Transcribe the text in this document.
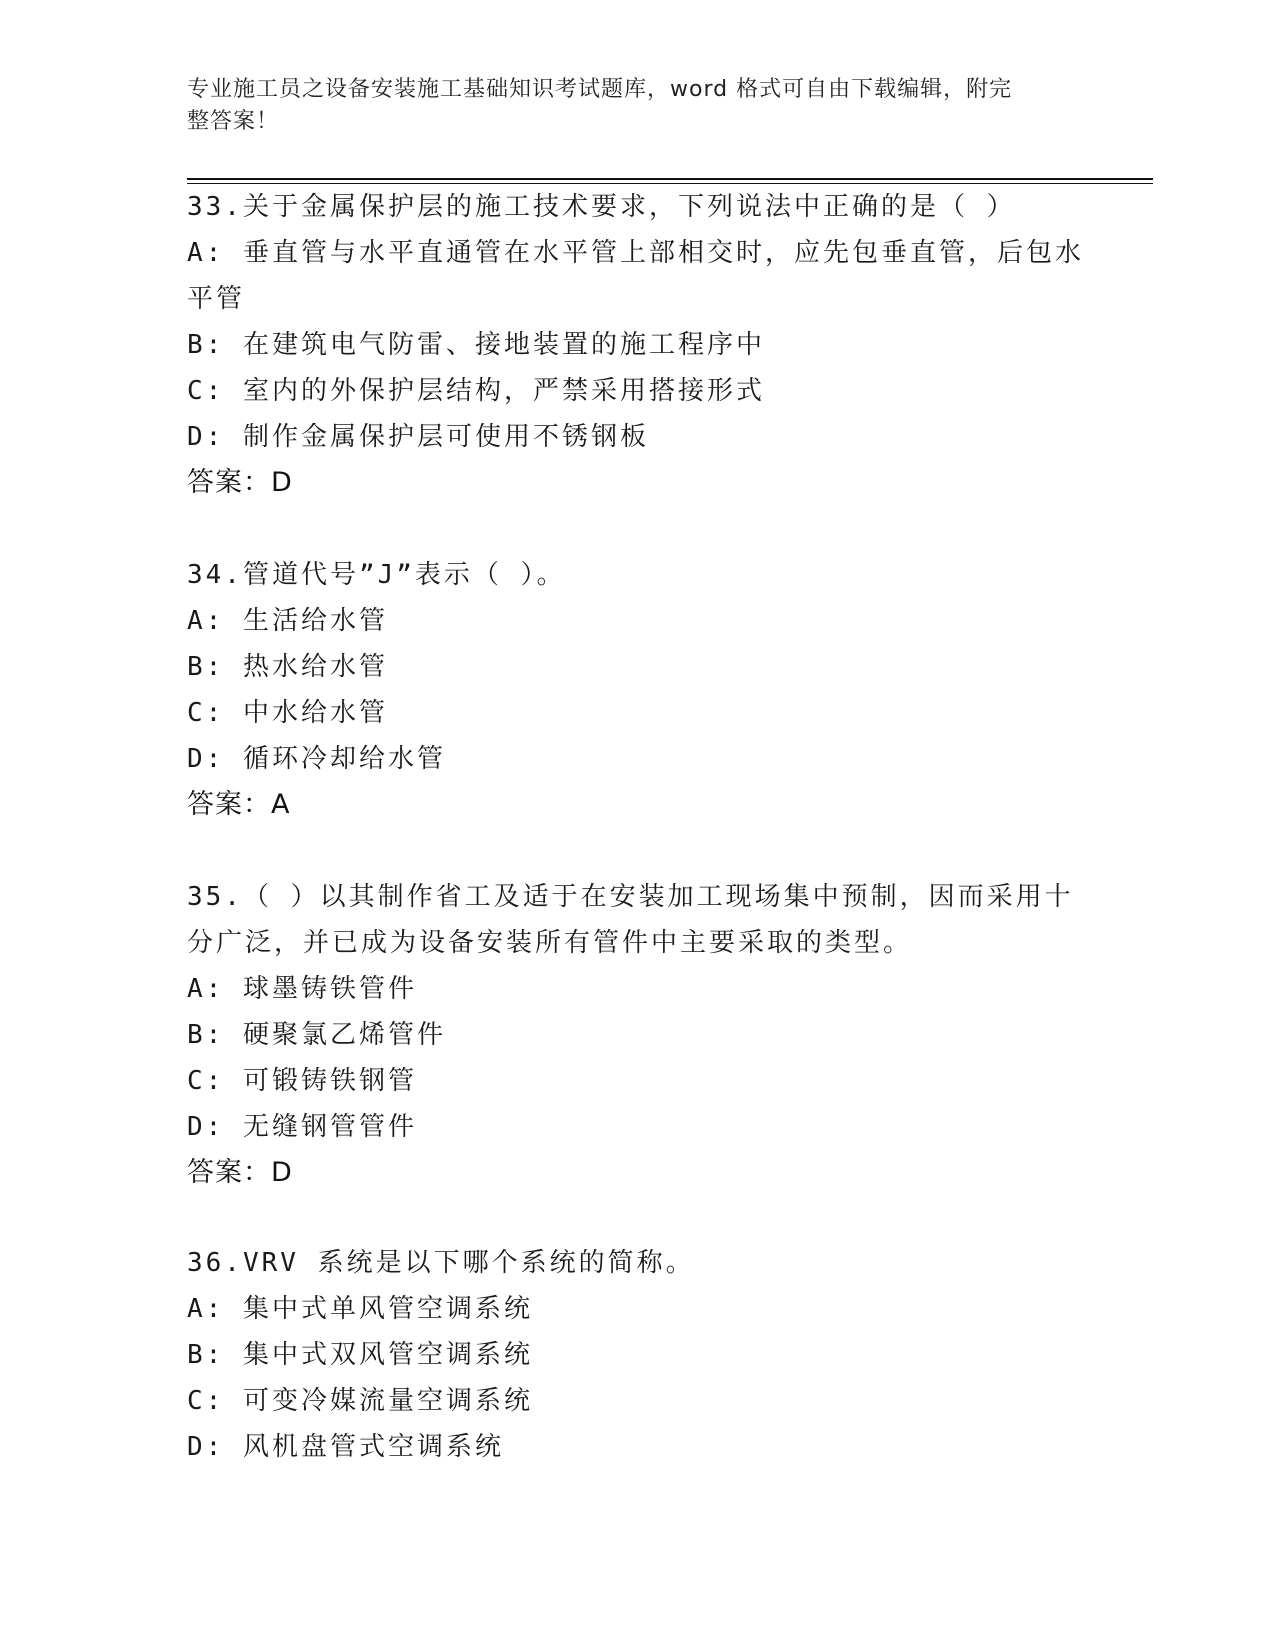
专业施工员之设备安装施工基础知识考试题库，word 格式可自由下载编辑，附完
整答案！
33.关于金属保护层的施工技术要求，下列说法中正确的是（ ）
A: 垂直管与水平直通管在水平管上部相交时，应先包垂直管，后包水
平管
B: 在建筑电气防雷、接地装置的施工程序中
C: 室内的外保护层结构，严禁采用搭接形式
D: 制作金属保护层可使用不锈钢板
答案：D
34.管道代号”J”表示（ ）。
A: 生活给水管
B: 热水给水管
C: 中水给水管
D: 循环冷却给水管
答案：A
35.（ ）以其制作省工及适于在安装加工现场集中预制，因而采用十
分广泛，并已成为设备安装所有管件中主要采取的类型。
A: 球墨铸铁管件
B: 硬聚氯乙烯管件
C: 可锻铸铁钢管
D: 无缝钢管管件
答案：D
36.VRV 系统是以下哪个系统的简称。
A: 集中式单风管空调系统
B: 集中式双风管空调系统
C: 可变冷媒流量空调系统
D: 风机盘管式空调系统
